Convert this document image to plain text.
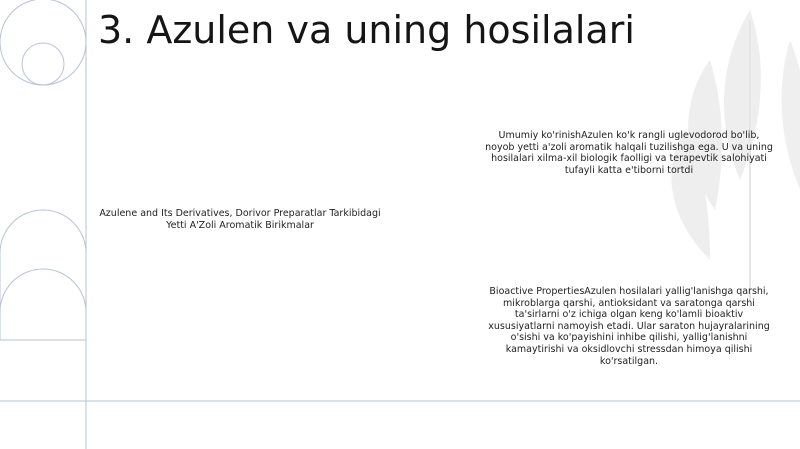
3. Azulen va uning hosilalari
Azulene and Its Derivatives, Dorivor Preparatlar Tarkibidagi Yetti A'Zoli Aromatik Birikmalar
Umumiy ko'rinishAzulen ko'k rangli uglevodorod bo'lib, noyob yetti a'zoli aromatik halqali tuzilishga ega. U va uning hosilalari xilma-xil biologik faolligi va terapevtik salohiyati tufayli katta e'tiborni tortdi
Bioactive PropertiesAzulen hosilalari yallig'lanishga qarshi, mikroblarga qarshi, antioksidant va saratonga qarshi ta'sirlarni o'z ichiga olgan keng ko'lamli bioaktiv xususiyatlarni namoyish etadi. Ular saraton hujayralarining o'sishi va ko'payishini inhibe qilishi, yallig'lanishni kamaytirishi va oksidlovchi stressdan himoya qilishi ko'rsatilgan.
